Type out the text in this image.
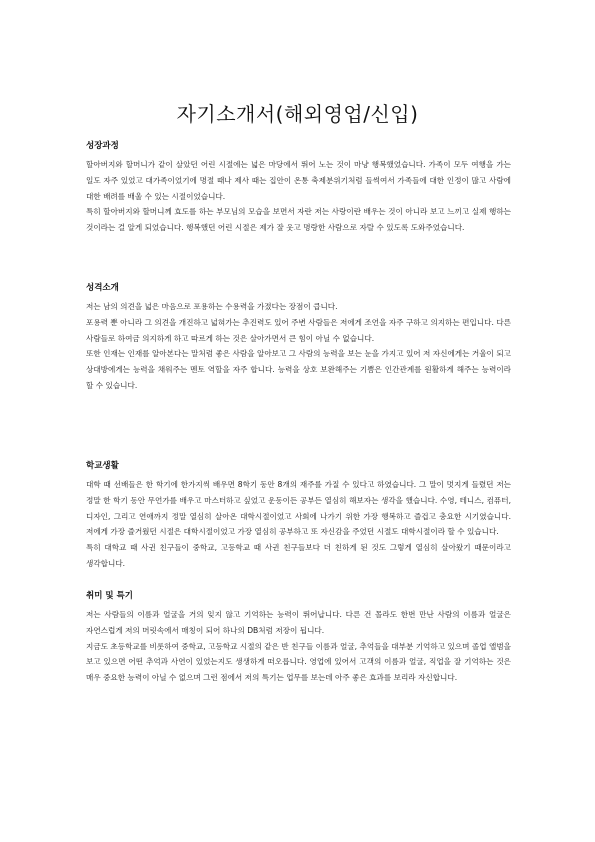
자기소개서(해외영업/신입)
성장과정

할아버지와 할머니가 같이 살았던 어린 시절에는 넓은 마당에서 뛰어 노는 것이 마냥 행복했었습니다. 가족이 모두 여행을 가는 일도 자주 있었고 대가족이었기에 명절 때나 제사 때는 집안이 온통 축제분위기처럼 들썩여서 가족들에 대한 인정이 많고 사람에 대한 배려를 배울 수 있는 시절이었습니다.

특히 할아버지와 할머니께 효도를 하는 부모님의 모습을 보면서 자란 저는 사랑이란 배우는 것이 아니라 보고 느끼고 실제 행하는 것이라는 걸 알게 되었습니다. 행복했던 어린 시절은 제가 잘 웃고 명랑한 사람으로 자랄 수 있도록 도와주었습니다.

성격소개

저는 남의 의견을 넓은 마음으로 포용하는 수용력을 가졌다는 장점이 큽니다.

포용력 뿐 아니라 그 의견을 개진하고 넓혀가는 추진력도 있어 주변 사람들은 저에게 조언을 자주 구하고 의지하는 편입니다. 다른 사람들로 하여금 의지하게 하고 따르게 하는 것은 살아가면서 큰 힘이 아닐 수 없습니다.

또한 인재는 인재를 알아본다는 말처럼 좋은 사람을 알아보고 그 사람의 능력을 보는 눈을 가지고 있어 저 자신에게는 거울이 되고 상대방에게는 능력을 채워주는 멘토 역할을 자주 합니다. 능력을 상호 보완해주는 기쁨은 인간관계를 원활하게 해주는 능력이라 할 수 있습니다.

학교생활

대학 때 선배들은 한 학기에 한가지씩 배우면 8학기 동안 8개의 재주를 가질 수 있다고 하였습니다. 그 말이 멋지게 들렸던 저는 정말 한 학기 동안 무언가를 배우고 마스터하고 싶었고 운동이든 공부든 열심히 해보자는 생각을 했습니다. 수영, 테니스, 컴퓨터, 디자인, 그리고 연애까지 정말 열심히 살아온 대학시절이었고 사회에 나가기 위한 가장 행복하고 즐겁고 충요한 시기였습니다. 저에게 가장 즐거웠던 시절은 대학시절이었고 가장 열심히 공부하고 또 자신감을 주었던 시절도 대학시절이라 할 수 있습니다.

특히 대학교 때 사귄 친구들이 중학교, 고등학교 때 사귄 친구들보다 더 친하게 된 것도 그렇게 열심히 살아왔기 때문이라고 생각합니다.

취미 및 특기

저는 사람들의 이름과 얼굴을 거의 잊지 않고 기억하는 능력이 뛰어납니다. 다른 건 몰라도 한번 만난 사람의 이름과 얼굴은 자연스럽게 저의 머릿속에서 매칭이 되어 하나의 DB처럼 저장이 됩니다.

지금도 초등학교를 비롯하여 중학교, 고등학교 시절의 같은 반 친구들 이름과 얼굴, 추억들을 대부분 기억하고 있으며 졸업 앨범을 보고 있으면 어떤 추억과 사연이 있었는지도 생생하게 떠오릅니다. 영업에 있어서 고객의 이름과 얼굴, 직업을 잘 기억하는 것은 매우 중요한 능력이 아닐 수 없으며 그런 점에서 저의 특기는 업무를 보는데 아주 좋은 효과를 보리라 자신합니다.
